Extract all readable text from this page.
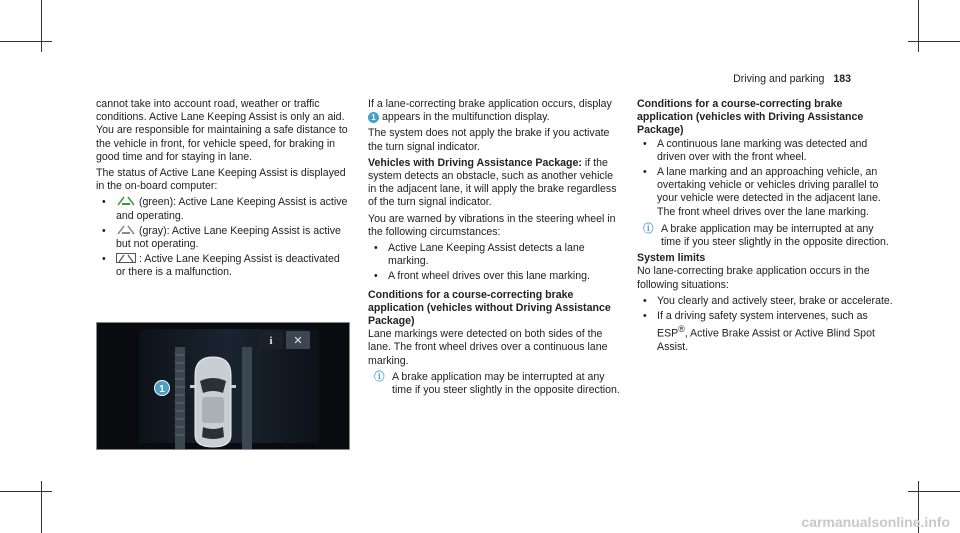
Driving and parking 183

cannot take into account road, weather or traffic conditions. Active Lane Keeping Assist is only an aid. You are responsible for maintaining a safe distance to the vehicle in front, for vehicle speed, for braking in good time and for staying in lane.

The status of Active Lane Keeping Assist is displayed in the on-board computer:

• (green): Active Lane Keeping Assist is active and operating.
• (gray): Active Lane Keeping Assist is active but not operating.
• : Active Lane Keeping Assist is deactivated or there is a malfunction.
1
i ✕

If a lane-correcting brake application occurs, display 1 appears in the multifunction display.

The system does not apply the brake if you activate the turn signal indicator.

Vehicles with Driving Assistance Package: if the system detects an obstacle, such as another vehicle in the adjacent lane, it will apply the brake regardless of the turn signal indicator.

You are warned by vibrations in the steering wheel in the following circumstances:

• Active Lane Keeping Assist detects a lane marking.
• A front wheel drives over this lane marking.
Conditions for a course-correcting brake application (vehicles without Driving Assistance Package)

Lane markings were detected on both sides of the lane. The front wheel drives over a continuous lane marking.

ⓘ A brake application may be interrupted at any time if you steer slightly in the opposite direction.
Conditions for a course-correcting brake application (vehicles with Driving Assistance Package)
• A continuous lane marking was detected and driven over with the front wheel.
• A lane marking and an approaching vehicle, an overtaking vehicle or vehicles driving parallel to your vehicle were detected in the adjacent lane. The front wheel drives over the lane marking.
ⓘ A brake application may be interrupted at any time if you steer slightly in the opposite direction.
System limits

No lane-correcting brake application occurs in the following situations:

• You clearly and actively steer, brake or accelerate.
• If a driving safety system intervenes, such as ESP®, Active Brake Assist or Active Blind Spot Assist.
carmanualsonline.info
